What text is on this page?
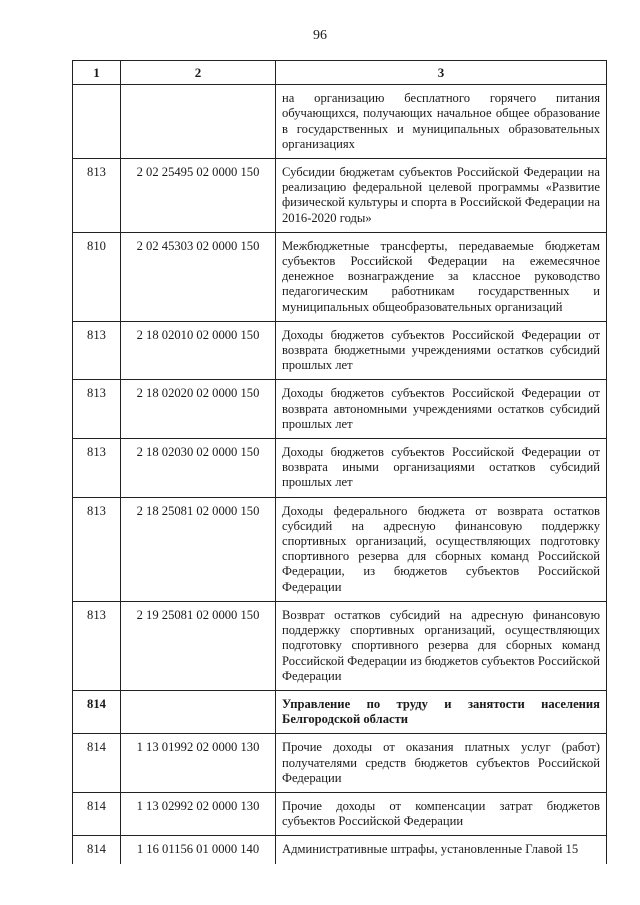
96
1	2	3
		на организацию бесплатного горячего питания обучающихся, получающих начальное общее образование в государственных и муниципальных образовательных организациях
813	2 02 25495 02 0000 150	Субсидии бюджетам субъектов Российской Федерации на реализацию федеральной целевой программы «Развитие физической культуры и спорта в Российской Федерации на 2016-2020 годы»
810	2 02 45303 02 0000 150	Межбюджетные трансферты, передаваемые бюджетам субъектов Российской Федерации на ежемесячное денежное вознаграждение за классное руководство педагогическим работникам государственных и муниципальных общеобразовательных организаций
813	2 18 02010 02 0000 150	Доходы бюджетов субъектов Российской Федерации от возврата бюджетными учреждениями остатков субсидий прошлых лет
813	2 18 02020 02 0000 150	Доходы бюджетов субъектов Российской Федерации от возврата автономными учреждениями остатков субсидий прошлых лет
813	2 18 02030 02 0000 150	Доходы бюджетов субъектов Российской Федерации от возврата иными организациями остатков субсидий прошлых лет
813	2 18 25081 02 0000 150	Доходы федерального бюджета от возврата остатков субсидий на адресную финансовую поддержку спортивных организаций, осуществляющих подготовку спортивного резерва для сборных команд Российской Федерации, из бюджетов субъектов Российской Федерации
813	2 19 25081 02 0000 150	Возврат остатков субсидий на адресную финансовую поддержку спортивных организаций, осуществляющих подготовку спортивного резерва для сборных команд Российской Федерации из бюджетов субъектов Российской Федерации
814		Управление по труду и занятости населения Белгородской области
814	1 13 01992 02 0000 130	Прочие доходы от оказания платных услуг (работ) получателями средств бюджетов субъектов Российской Федерации
814	1 13 02992 02 0000 130	Прочие доходы от компенсации затрат бюджетов субъектов Российской Федерации
814	1 16 01156 01 0000 140	Административные штрафы, установленные Главой 15
